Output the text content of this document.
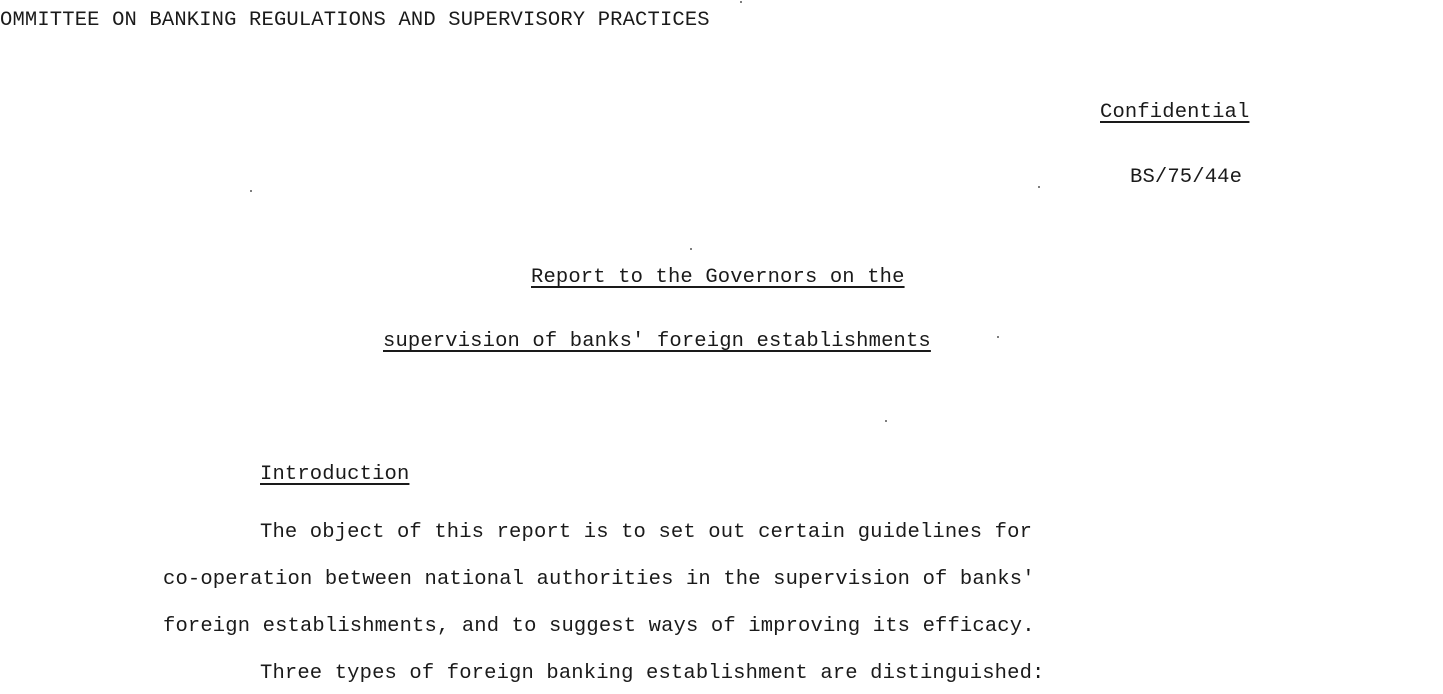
OMMITTEE ON BANKING REGULATIONS AND SUPERVISORY PRACTICES
Confidential
BS/75/44e
Report to the Governors on the
supervision of banks' foreign establishments
Introduction
The object of this report is to set out certain guidelines for
co-operation between national authorities in the supervision of banks'
foreign establishments, and to suggest ways of improving its efficacy.
Three types of foreign banking establishment are distinguished:
